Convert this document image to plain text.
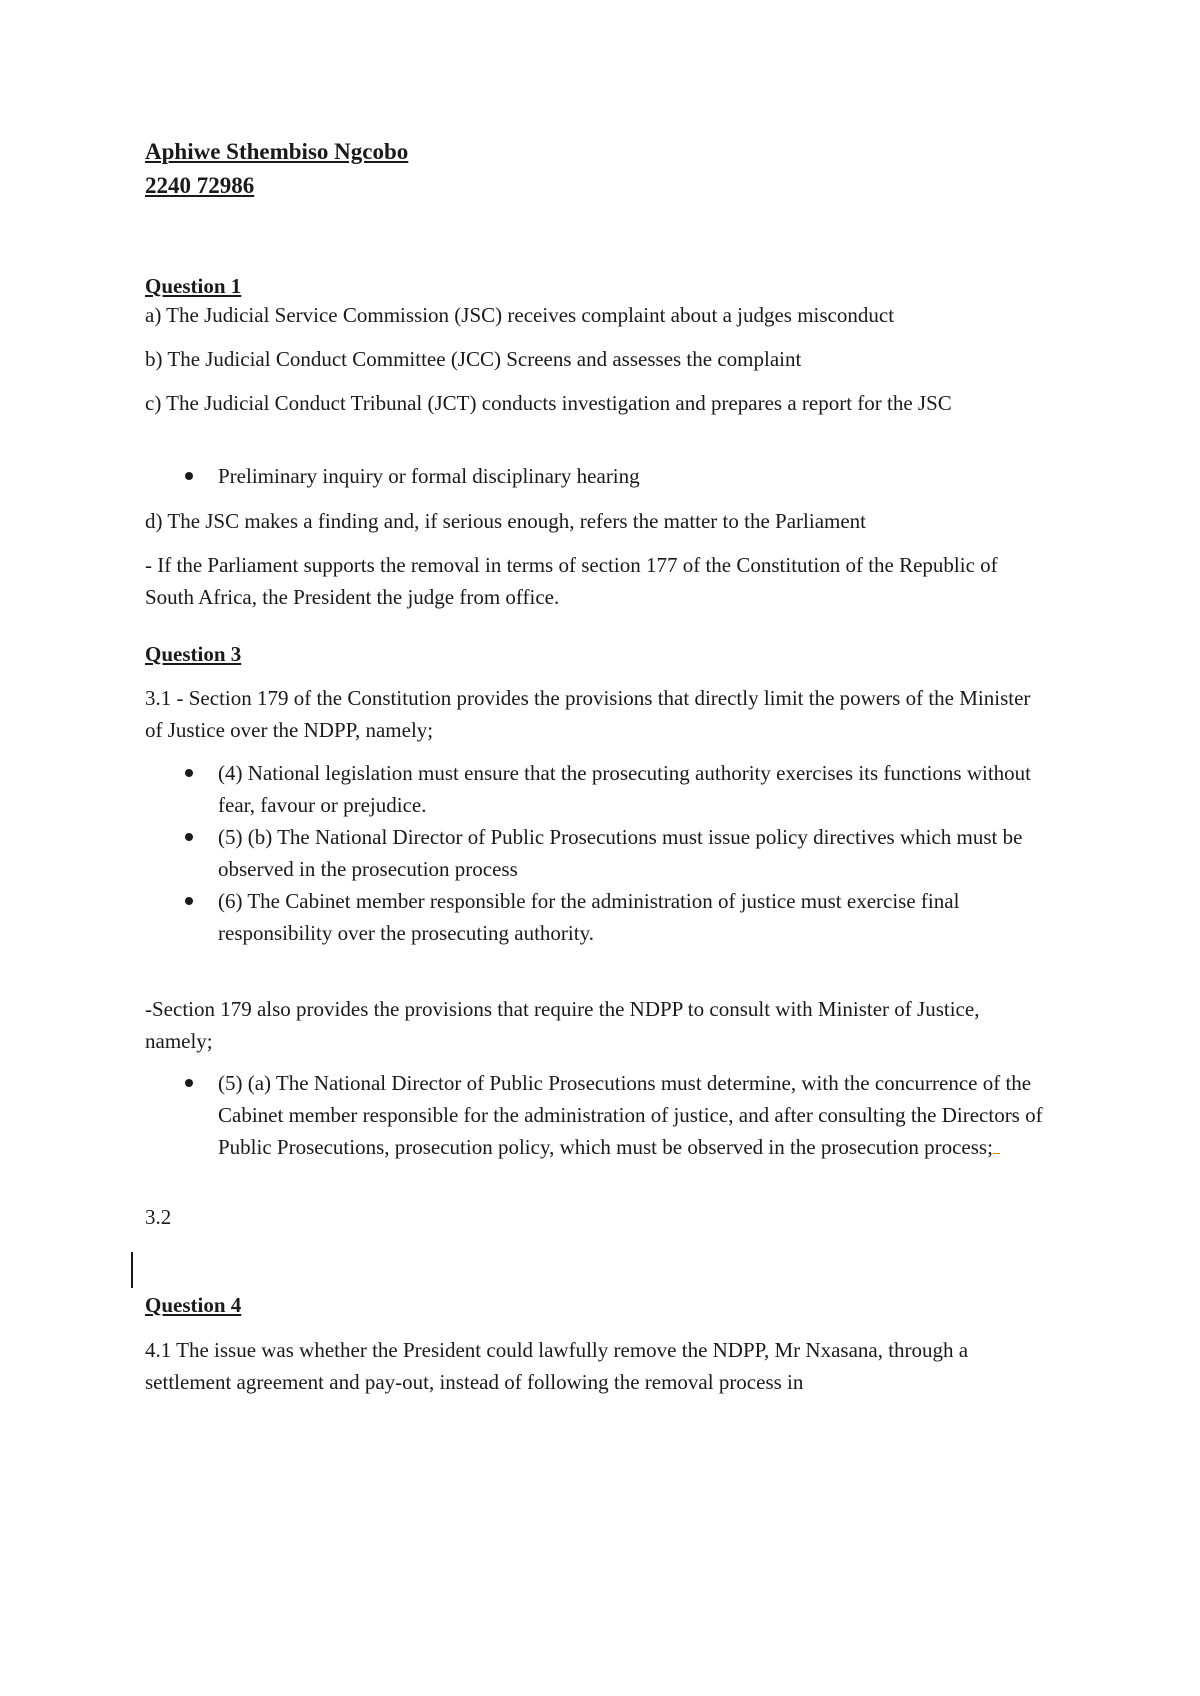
Aphiwe Sthembiso Ngcobo

2240 72986

Question 1

a) The Judicial Service Commission (JSC) receives complaint about a judges misconduct

b) The Judicial Conduct Committee (JCC) Screens and assesses the complaint

c) The Judicial Conduct Tribunal (JCT) conducts investigation and prepares a report for the JSC

Preliminary inquiry or formal disciplinary hearing

d) The JSC makes a finding and, if serious enough, refers the matter to the Parliament

- If the Parliament supports the removal in terms of section 177 of the Constitution of the Republic of South Africa, the President the judge from office.

Question 3

3.1 - Section 179 of the Constitution provides the provisions that directly limit the powers of the Minister of Justice over the NDPP, namely;

(4) National legislation must ensure that the prosecuting authority exercises its functions without fear, favour or prejudice.
(5) (b) The National Director of Public Prosecutions must issue policy directives which must be observed in the prosecution process
(6) The Cabinet member responsible for the administration of justice must exercise final responsibility over the prosecuting authority.

-Section 179 also provides the provisions that require the NDPP to consult with Minister of Justice, namely;

(5) (a) The National Director of Public Prosecutions must determine, with the concurrence of the Cabinet member responsible for the administration of justice, and after consulting the Directors of Public Prosecutions, prosecution policy, which must be observed in the prosecution process;

3.2

Question 4

4.1 The issue was whether the President could lawfully remove the NDPP, Mr Nxasana, through a settlement agreement and pay-out, instead of following the removal process in
